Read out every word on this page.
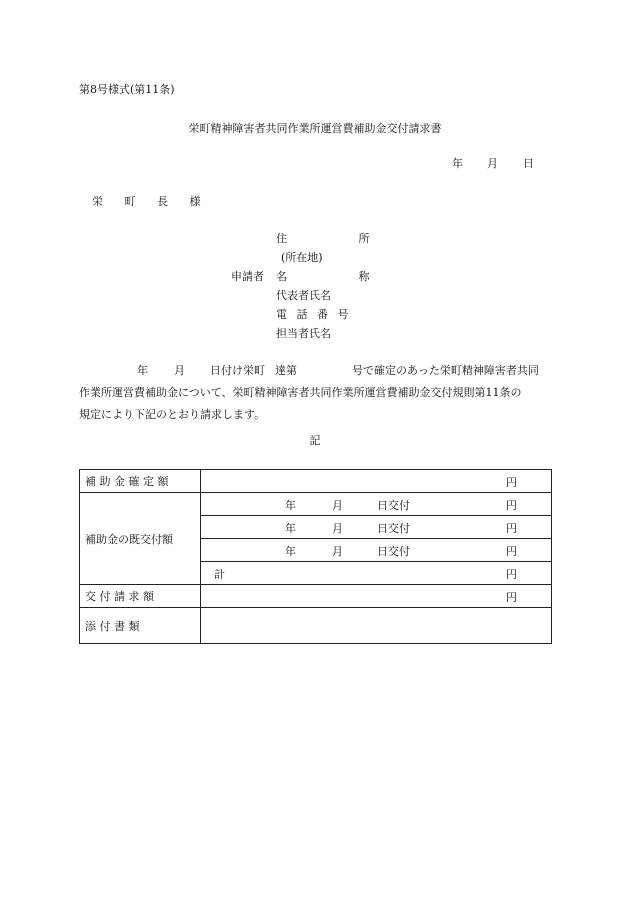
第8号様式(第11条)
栄町精神障害者共同作業所運営費補助金交付請求書
年 月 日
栄 町 長 様
住 所
(所在地)
申請者 名 称
代表者氏名
電 話 番 号
担当者氏名
年 月 日付け栄町 達第	号で確定のあった栄町精神障害者共同
作業所運営費補助金について、栄町精神障害者共同作業所運営費補助金交付規則第11条の
規定により下記のとおり請求します。
記
補 助 金 確 定 額	円

補助金の既交付額	年 月 日交付 円

	年 月 日交付 円

	年 月 日交付 円

	計 円

交 付 請 求 額	円

添 付 書 類	
